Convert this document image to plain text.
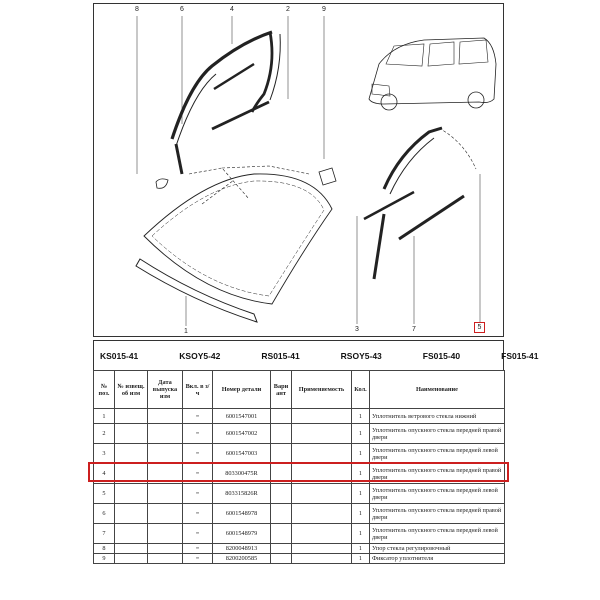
8	6	4	2	9
1	3	7	5
KS015-41	KSOY5-42	RS015-41	RSOY5-43	FS015-40	FS015-41
№ поз.	№ извещ. об изм	Дата выпуска изм	Вкл. в з/ч	Номер детали	Вари ант	Применяемость	Кол.	Наименование
1			=	6001547001			1	Уплотнитель ветрового стекла нижний
2			=	6001547002			1	Уплотнитель опускного стекла передней правой двери
3			=	6001547003			1	Уплотнитель опускного стекла передней левой двери
4			=	803300475R			1	Уплотнитель опускного стекла передней правой двери
5			=	803315826R			1	Уплотнитель опускного стекла передней левой двери
6			=	6001548978			1	Уплотнитель опускного стекла передней правой двери
7			=	6001548979			1	Уплотнитель опускного стекла передней левой двери
8			=	8200048913			1	Упор стекла регулировочный
9			=	8200200585			1	Фиксатор уплотнителя
